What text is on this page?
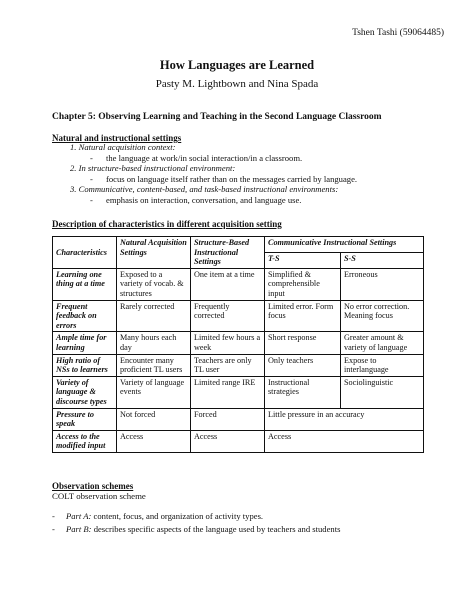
Tshen Tashi (59064485)
How Languages are Learned
Pasty M. Lightbown and Nina Spada
Chapter 5: Observing Learning and Teaching in the Second Language Classroom
Natural and instructional settings
1. Natural acquisition context:
- the language at work/in social interaction/in a classroom.
2. In structure-based instructional environment:
- focus on language itself rather than on the messages carried by language.
3. Communicative, content-based, and task-based instructional environments:
- emphasis on interaction, conversation, and language use.
Description of characteristics in different acquisition setting
Characteristics	Natural Acquisition Settings	Structure-Based Instructional Settings	Communicative Instructional Settings	
			T-S	S-S
Learning one thing at a time	Exposed to a variety of vocab. & structures	One item at a time	Simplified & comprehensible input	Erroneous
Frequent feedback on errors	Rarely corrected	Frequently corrected	Limited error. Form focus	No error correction. Meaning focus
Ample time for learning	Many hours each day	Limited few hours a week	Short response	Greater amount & variety of language
High ratio of NSs to learners	Encounter many proficient TL users	Teachers are only TL user	Only teachers	Expose to interlanguage
Variety of language & discourse types	Variety of language events	Limited range IRE	Instructional strategies	Sociolinguistic
Pressure to speak	Not forced	Forced	Little pressure in an accuracy	
Access to the modified input	Access	Access	Access	
Observation schemes
COLT observation scheme
- Part A: content, focus, and organization of activity types.
- Part B: describes specific aspects of the language used by teachers and students
